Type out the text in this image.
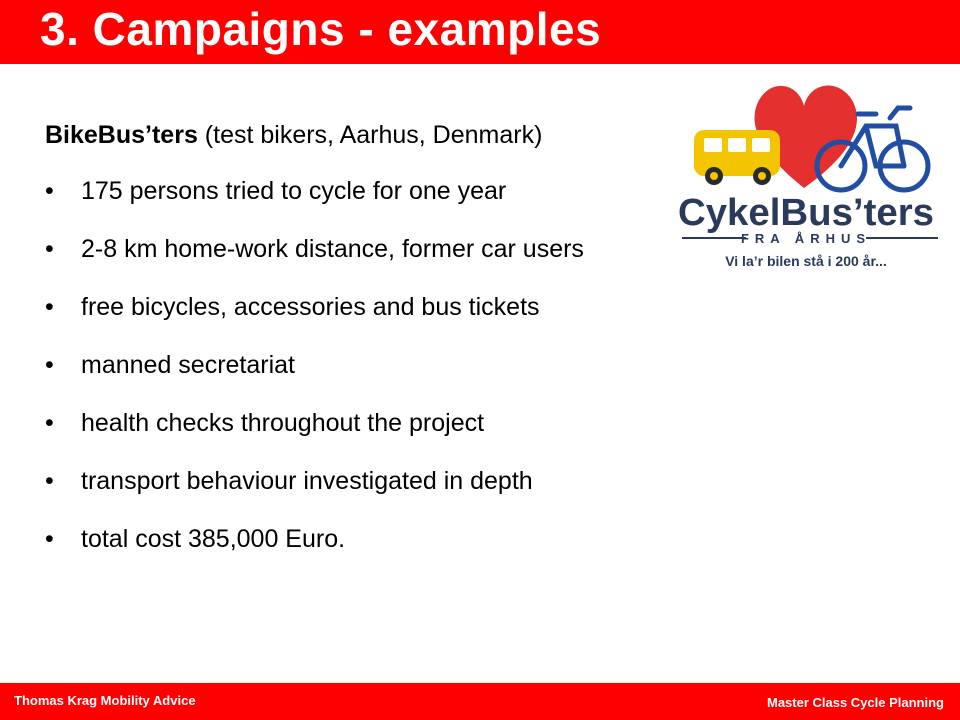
3. Campaigns - examples
BikeBus’ters (test bikers, Aarhus, Denmark)
• 175 persons tried to cycle for one year
• 2-8 km home-work distance, former car users
• free bicycles, accessories and bus tickets
• manned secretariat
• health checks throughout the project
• transport behaviour investigated in depth
• total cost 385,000 Euro.
CykelBus’ters
FRA ÅRHUS
Vi la’r bilen stå i 200 år...
Thomas Krag Mobility Advice	Master Class Cycle Planning
